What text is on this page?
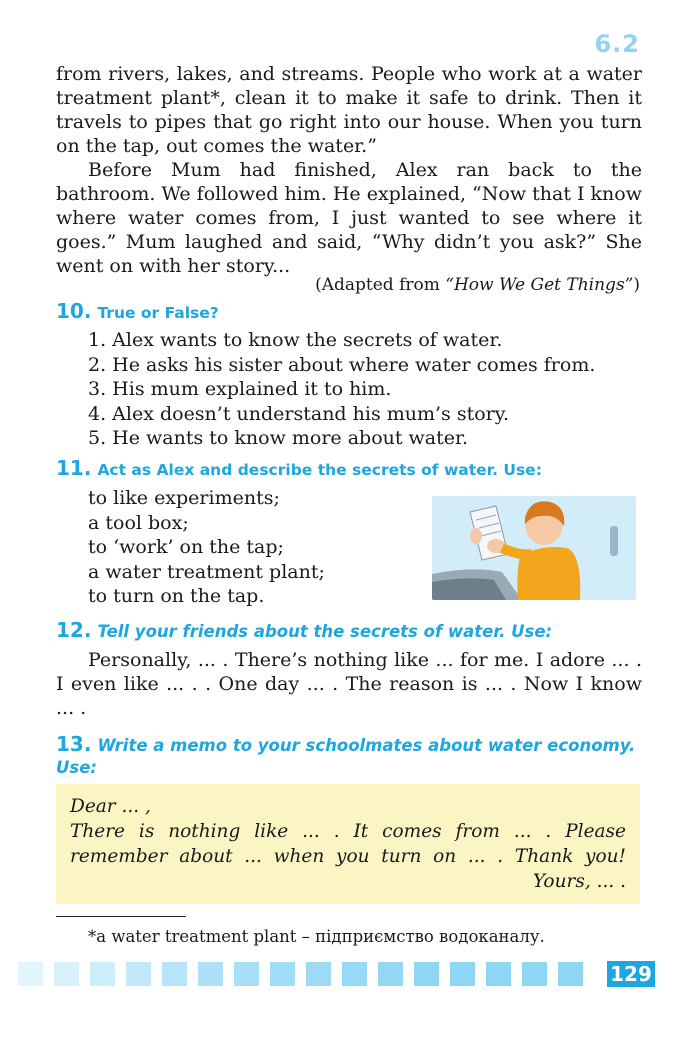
6.2

from rivers, lakes, and streams. People who work at a water treatment plant*, clean it to make it safe to drink. Then it travels to pipes that go right into our house. When you turn on the tap, out comes the water.”

Before Mum had finished, Alex ran back to the bathroom. We followed him. He explained, “Now that I know where water comes from, I just wanted to see where it goes.” Mum laughed and said, “Why didn’t you ask?” She went on with her story...

(Adapted from “How We Get Things”)
10. True or False?
1. Alex wants to know the secrets of water.
2. He asks his sister about where water comes from.
3. His mum explained it to him.
4. Alex doesn’t understand his mum’s story.
5. He wants to know more about water.
11. Act as Alex and describe the secrets of water. Use:
to like experiments;
a tool box;
to ‘work’ on the tap;
a water treatment plant;
to turn on the tap.
12. Tell your friends about the secrets of water. Use:
Personally, ... . There’s nothing like ... for me. I adore ... . I even like ... . . One day ... . The reason is ... . Now I know ... .
13. Write a memo to your schoolmates about water economy. Use:

Dear ... ,

There is nothing like ... . It comes from ... . Please remember about ... when you turn on ... . Thank you!

Yours, ... .

*a water treatment plant – підприємство водоканалу.
129
